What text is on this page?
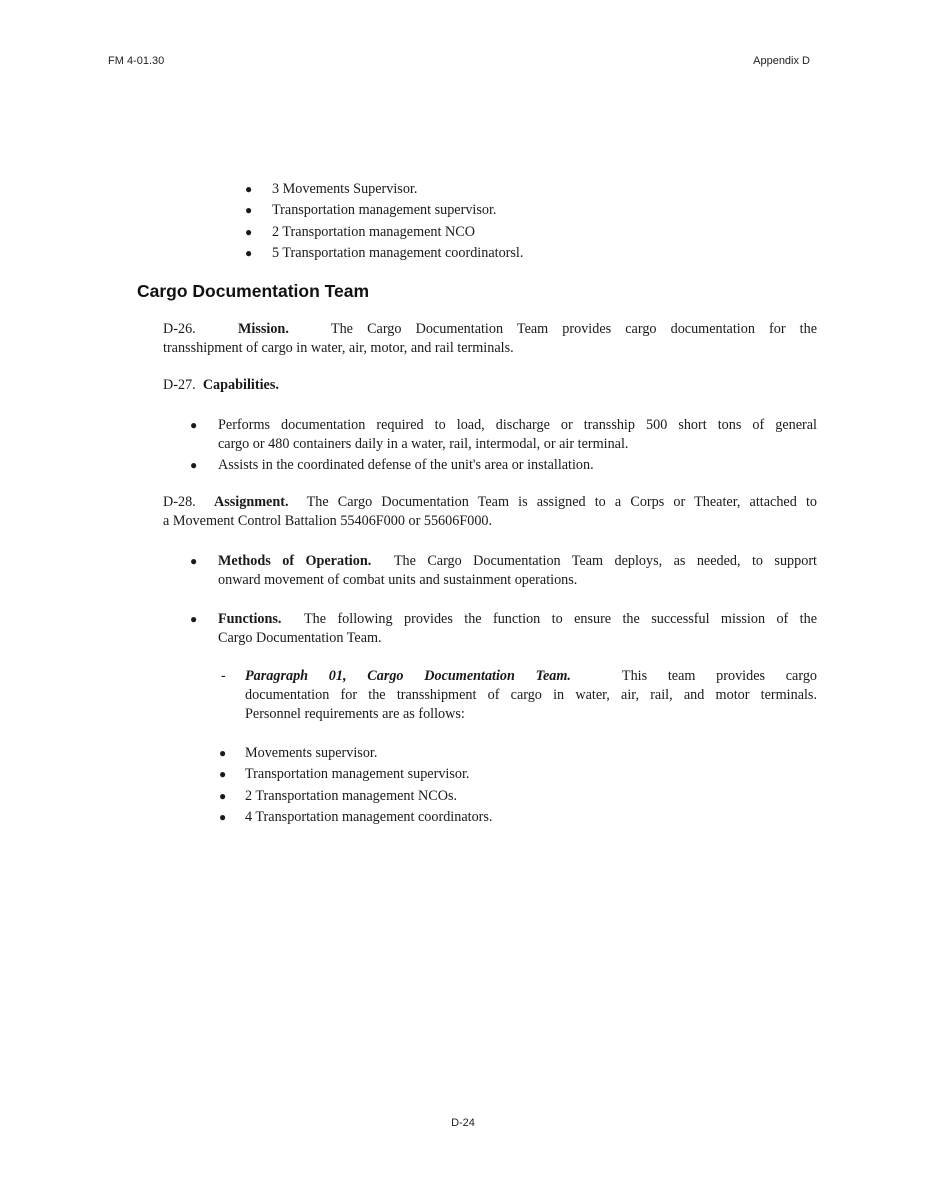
FM 4-01.30	Appendix D
● 3 Movements Supervisor.
● Transportation management supervisor.
● 2 Transportation management NCO
● 5 Transportation management coordinatorsl.
Cargo Documentation Team
D-26.	Mission.	The Cargo Documentation Team provides cargo documentation for the
transshipment of cargo in water, air, motor, and rail terminals.
D-27. Capabilities.
● Performs documentation required to load, discharge or transship 500 short tons of general
cargo or 480 containers daily in a water, rail, intermodal, or air terminal.
● Assists in the coordinated defense of the unit's area or installation.
D-28. Assignment. The Cargo Documentation Team is assigned to a Corps or Theater, attached to
a Movement Control Battalion 55406F000 or 55606F000.
● Methods of Operation. The Cargo Documentation Team deploys, as needed, to support
onward movement of combat units and sustainment operations.
● Functions. The following provides the function to ensure the successful mission of the
Cargo Documentation Team.
- Paragraph 01, Cargo Documentation Team.	This team provides cargo
documentation for the transshipment of cargo in water, air, rail, and motor terminals.
Personnel requirements are as follows:
● Movements supervisor.
● Transportation management supervisor.
● 2 Transportation management NCOs.
● 4 Transportation management coordinators.
D-24
